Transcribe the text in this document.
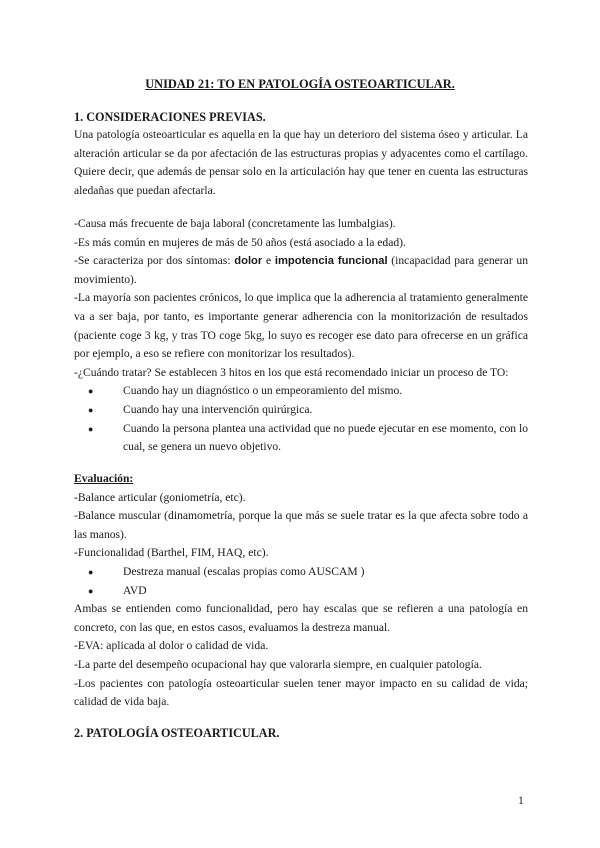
UNIDAD 21: TO EN PATOLOGÍA OSTEOARTICULAR.
1. CONSIDERACIONES PREVIAS.

Una patología osteoarticular es aquella en la que hay un deterioro del sistema óseo y articular. La alteración articular se da por afectación de las estructuras propias y adyacentes como el cartílago. Quiere decir, que además de pensar solo en la articulación hay que tener en cuenta las estructuras aledañas que puedan afectarla.

-Causa más frecuente de baja laboral (concretamente las lumbalgias).

-Es más común en mujeres de más de 50 años (está asociado a la edad).

-Se caracteriza por dos síntomas: dolor e impotencia funcional (incapacidad para generar un movimiento).

-La mayoría son pacientes crónicos, lo que implica que la adherencia al tratamiento generalmente va a ser baja, por tanto, es importante generar adherencia con la monitorización de resultados (paciente coge 3 kg, y tras TO coge 5kg, lo suyo es recoger ese dato para ofrecerse en un gráfica por ejemplo, a eso se refiere con monitorizar los resultados).

-¿Cuándo tratar? Se establecen 3 hitos en los que está recomendado iniciar un proceso de TO:

● Cuando hay un diagnóstico o un empeoramiento del mismo.

● Cuando hay una intervención quirúrgica.

● Cuando la persona plantea una actividad que no puede ejecutar en ese momento, con lo cual, se genera un nuevo objetivo.

Evaluación:

-Balance articular (goniometría, etc).

-Balance muscular (dinamometría, porque la que más se suele tratar es la que afecta sobre todo a las manos).

-Funcionalidad (Barthel, FIM, HAQ, etc).

● Destreza manual (escalas propias como AUSCAM )

● AVD

Ambas se entienden como funcionalidad, pero hay escalas que se refieren a una patología en concreto, con las que, en estos casos, evaluamos la destreza manual.

-EVA: aplicada al dolor o calidad de vida.

-La parte del desempeño ocupacional hay que valorarla siempre, en cualquier patología.

-Los pacientes con patología osteoarticular suelen tener mayor impacto en su calidad de vida; calidad de vida baja.

2. PATOLOGÍA OSTEOARTICULAR.
1
